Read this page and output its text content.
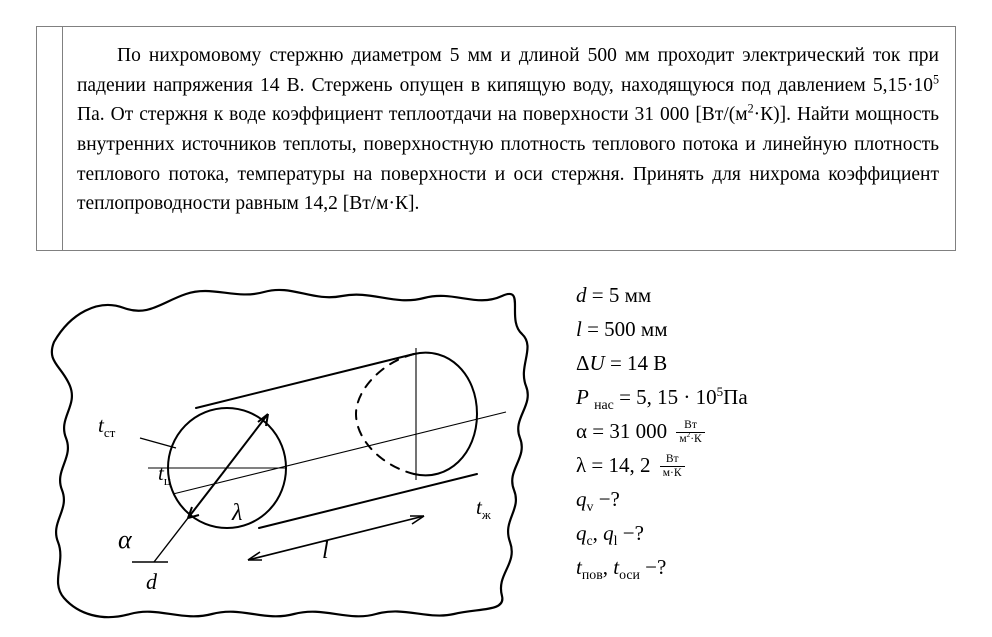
По нихромовому стержню диаметром 5 мм и длиной 500 мм проходит электрический ток при падении напряжения 14 В. Стержень опущен в кипящую воду, находящуюся под давлением $5,15\cdot 10^5$ Па. От стержня к воде коэффициент теплоотдачи на поверхности 31 000 $[Вт/(м^2\cdot К)]$. Найти мощность внутренних источников теплоты, поверхностную плотность теплового потока и линейную плотность теплового потока, температуры на поверхности и оси стержня. Принять для нихрома коэффициент теплопроводности равным 14,2 [Вт/м·К].
$t_{ст}$
$t_ц$
λ
α
d
l
$t_ж$
d = 5 мм
l = 500 мм
ΔU = 14 В
P $_{нас}$ = 5, $15 \cdot 10^5Па$
α = 31 $000 \frac{Вт}{м^2\cdot К}$
λ = 14, $2 \frac{Вт}{м\cdot К}$
$q_v$ −?
$q_с$, $q_l$ −?
$t_{пов}$, $t_{оси}$ −?
